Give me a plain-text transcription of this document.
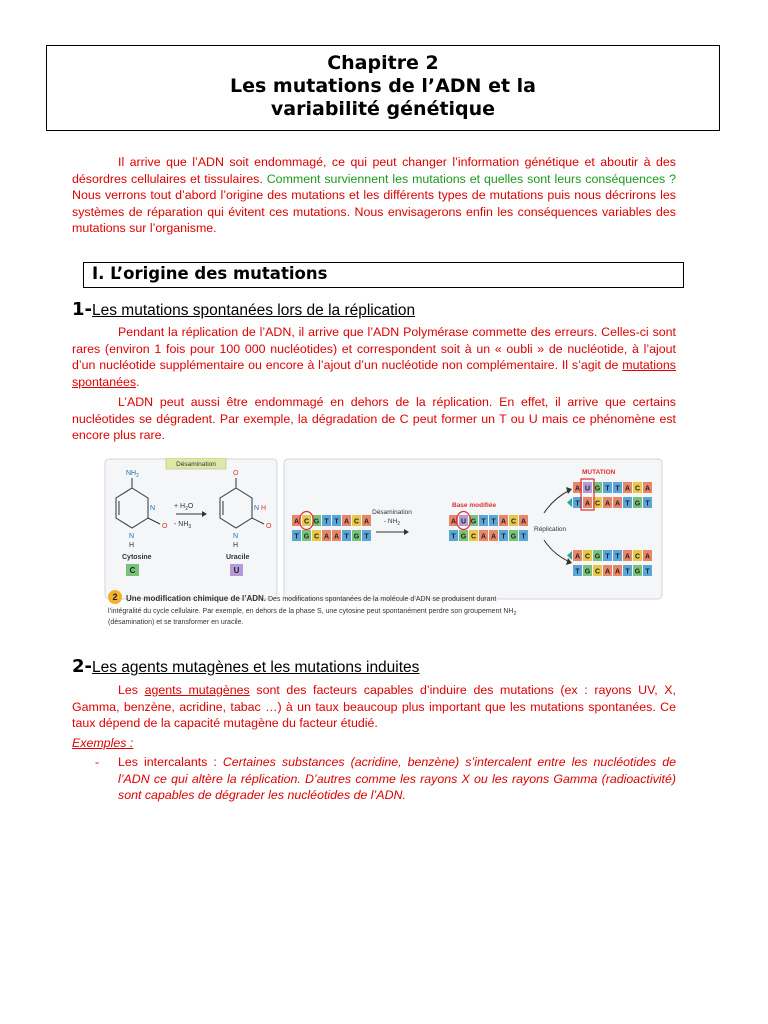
Chapitre 2
Les mutations de l’ADN et la
variabilité génétique
Il arrive que l’ADN soit endommagé, ce qui peut changer l’information génétique et aboutir à des désordres cellulaires et tissulaires. Comment surviennent les mutations et quelles sont leurs conséquences ? Nous verrons tout d’abord l’origine des mutations et les différents types de mutations puis nous décrirons les systèmes de réparation qui évitent ces mutations. Nous envisagerons enfin les conséquences variables des mutations sur l’organisme.
I. L’origine des mutations
1-Les mutations spontanées lors de la réplication
Pendant la réplication de l’ADN, il arrive que l’ADN Polymérase commette des erreurs. Celles-ci sont rares (environ 1 fois pour 100 000 nucléotides) et correspondent soit à un « oubli » de nucléotide, à l’ajout d’un nucléotide supplémentaire ou encore à l’ajout d’un nucléotide non complémentaire. Il s’agit de mutations spontanées.
L’ADN peut aussi être endommagé en dehors de la réplication. En effet, il arrive que certains nucléotides se dégradent. Par exemple, la dégradation de C peut former un T ou U mais ce phénomène est encore plus rare.
Désamination
$NH_2$
N
N
H
O
Cytosine
C
+ $H_2O$
- $NH_3$
O
N H
N
H
O
Uracile
U
A C G T T A C A
T G C A A T G T
A U G T T A C A
T G C A A T G T
A U G T T A C A
T A C A A T G T
A C G T T A C A
T G C A A T G T
Désamination
- $NH_2$
Base modifiée
Réplication
MUTATION
2 Une modification chimique de l’ADN. Des modifications spontanées de la molécule d’ADN se produisent durant
l’intégralité du cycle cellulaire. Par exemple, en dehors de la phase S, une cytosine peut spontanément perdre son groupement $NH_2$
(désamination) et se transformer en uracile.
2-Les agents mutagènes et les mutations induites
Les agents mutagènes sont des facteurs capables d’induire des mutations (ex : rayons UV, X, Gamma, benzène, acridine, tabac …) à un taux beaucoup plus important que les mutations spontanées. Ce taux dépend de la capacité mutagène du facteur étudié.
Exemples :
- Les intercalants : Certaines substances (acridine, benzène) s’intercalent entre les nucléotides de l’ADN ce qui altère la réplication. D’autres comme les rayons X ou les rayons Gamma (radioactivité) sont capables de dégrader les nucléotides de l’ADN.
